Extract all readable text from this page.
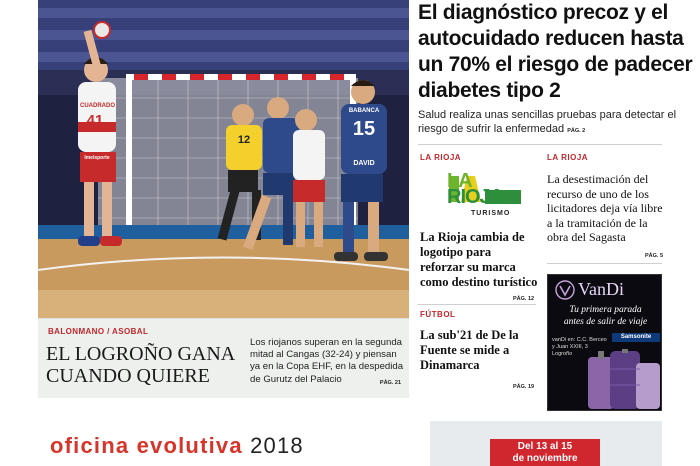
CUADRADO
41
Imelsporte
12
BABANCA
15
DAVID
BALONMANO / ASOBAL
EL LOGROÑO GANA CUANDO QUIERE
Los riojanos superan en la segunda mitad al Cangas (32-24) y piensan ya en la Copa EHF, en la despedida de Gurutz del Palacio	PÁG. 21
El diagnóstico precoz y el autocuidado reducen hasta un 70% el riesgo de padecer diabetes tipo 2
Salud realiza unas sencillas pruebas para detectar el riesgo de sufrir la enfermedad PÁG. 2
LA RIOJA
LA
RIOJA
TURISMO
La Rioja cambia de logotipo para reforzar su marca como destino turístico
PÁG. 12
LA RIOJA
La desestimación del recurso de uno de los licitadores deja vía libre a la tramitación de la obra del Sagasta
PÁG. 5
FÚTBOL
La sub'21 de De la Fuente se mide a Dinamarca
PÁG. 19
VanDi
Tu primera parada
antes de salir de viaje
Samsonite
vanDi en: C.C. Berceo
y Juan XXIII, 3
Logroño
oficina evolutiva 2018	Del 13 al 15
de noviembre
